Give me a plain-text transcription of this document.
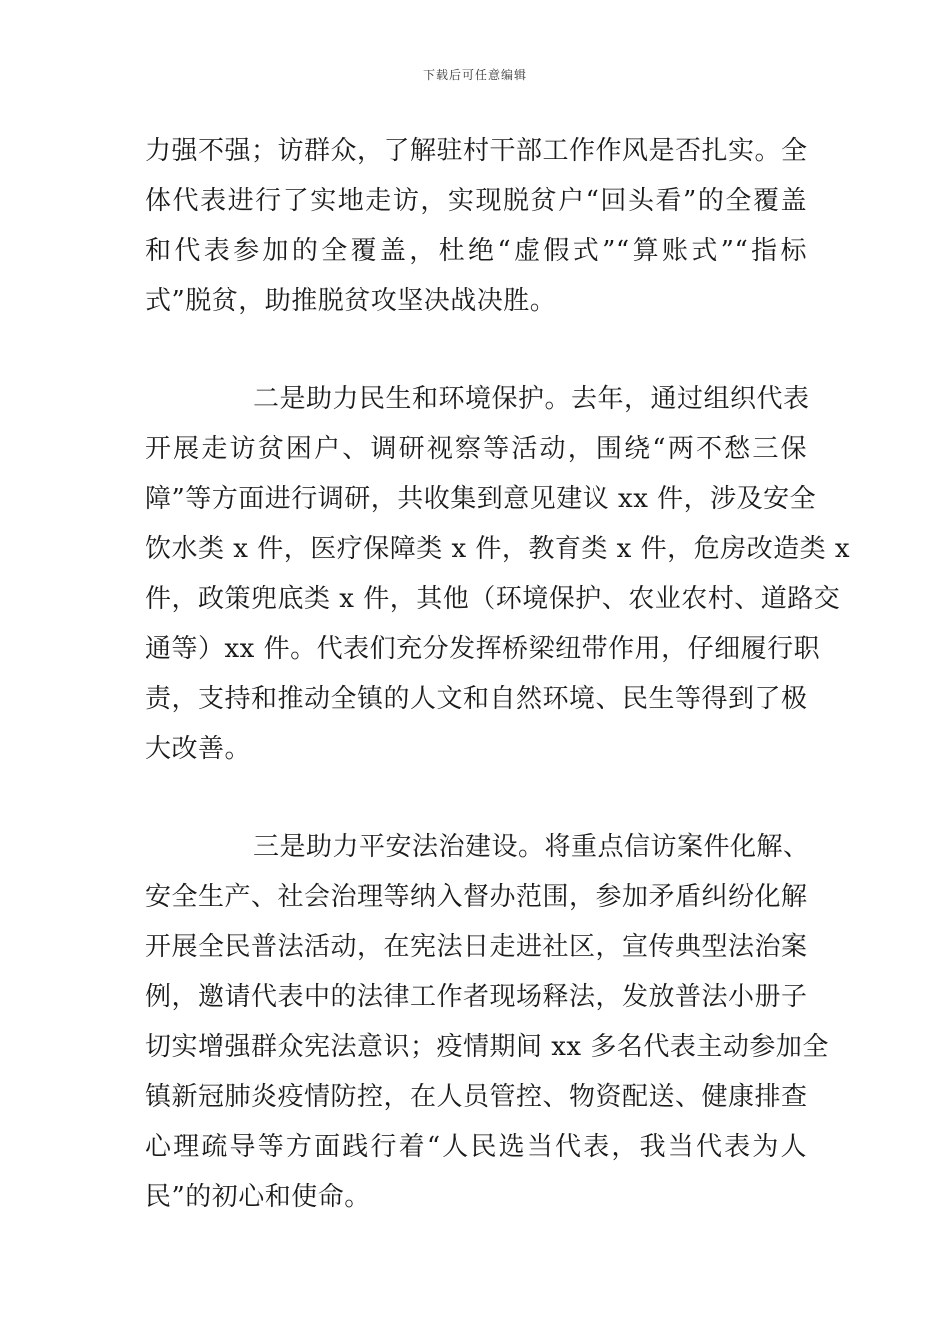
下载后可任意编辑
力强不强；访群众，了解驻村干部工作作风是否扎实。全
体代表进行了实地走访，实现脱贫户“回头看”的全覆盖
和代表参加的全覆盖，杜绝“虚假式”“算账式”“指标
式”脱贫，助推脱贫攻坚决战决胜。
二是助力民生和环境保护。去年，通过组织代表
开展走访贫困户、调研视察等活动，围绕“两不愁三保
障”等方面进行调研，共收集到意见建议 xx 件，涉及安全
饮水类 x 件，医疗保障类 x 件，教育类 x 件，危房改造类 x
件，政策兜底类 x 件，其他（环境保护、农业农村、道路交
通等）xx 件。代表们充分发挥桥梁纽带作用，仔细履行职
责，支持和推动全镇的人文和自然环境、民生等得到了极
大改善。
三是助力平安法治建设。将重点信访案件化解、
安全生产、社会治理等纳入督办范围，参加矛盾纠纷化解
开展全民普法活动，在宪法日走进社区，宣传典型法治案
例，邀请代表中的法律工作者现场释法，发放普法小册子
切实增强群众宪法意识；疫情期间 xx 多名代表主动参加全
镇新冠肺炎疫情防控，在人员管控、物资配送、健康排查
心理疏导等方面践行着“人民选当代表，我当代表为人
民”的初心和使命。
